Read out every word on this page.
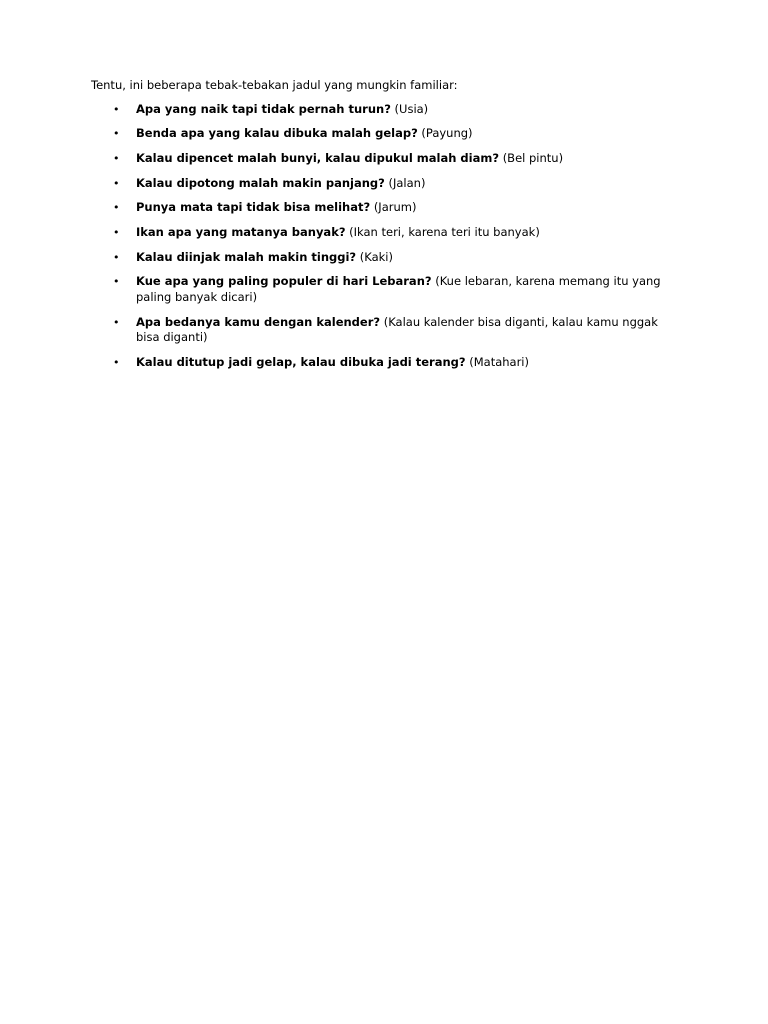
Tentu, ini beberapa tebak-tebakan jadul yang mungkin familiar:

• Apa yang naik tapi tidak pernah turun? (Usia)
• Benda apa yang kalau dibuka malah gelap? (Payung)
• Kalau dipencet malah bunyi, kalau dipukul malah diam? (Bel pintu)
• Kalau dipotong malah makin panjang? (Jalan)
• Punya mata tapi tidak bisa melihat? (Jarum)
• Ikan apa yang matanya banyak? (Ikan teri, karena teri itu banyak)
• Kalau diinjak malah makin tinggi? (Kaki)
• Kue apa yang paling populer di hari Lebaran? (Kue lebaran, karena memang itu yang paling banyak dicari)
• Apa bedanya kamu dengan kalender? (Kalau kalender bisa diganti, kalau kamu nggak bisa diganti)
• Kalau ditutup jadi gelap, kalau dibuka jadi terang? (Matahari)
